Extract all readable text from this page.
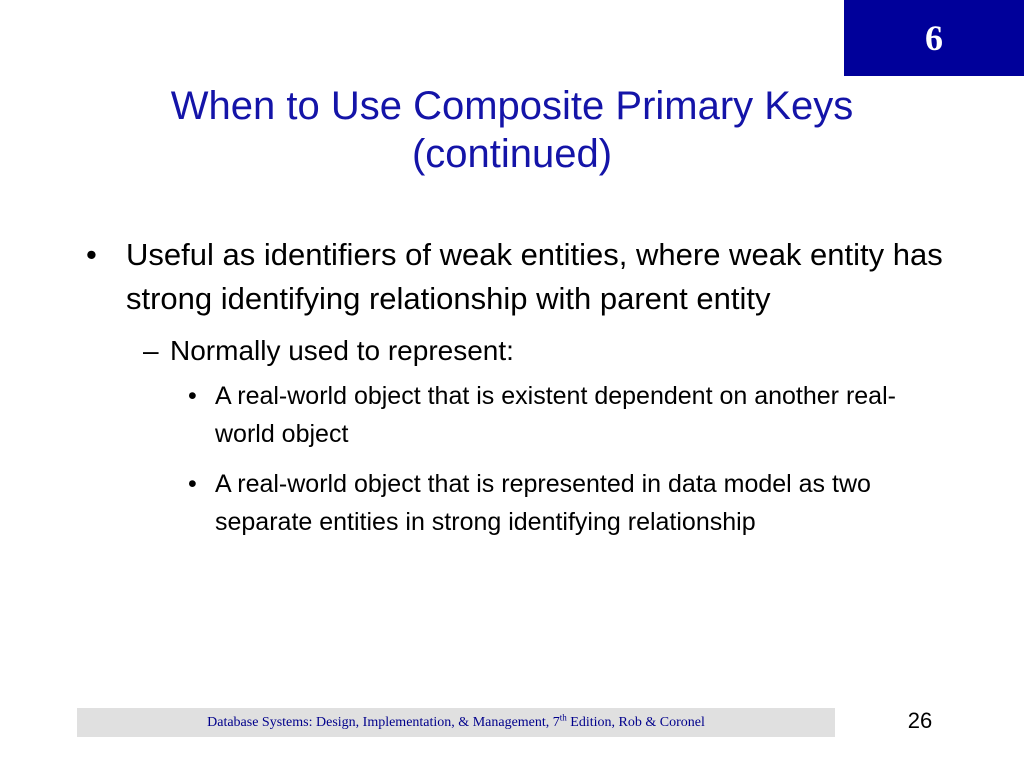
6
When to Use Composite Primary Keys
(continued)
• Useful as identifiers of weak entities, where weak entity has strong identifying relationship with parent entity
– Normally used to represent:
• A real-world object that is existent dependent on another real-world object
• A real-world object that is represented in data model as two separate entities in strong identifying relationship
Database Systems: Design, Implementation, & Management, 7th Edition, Rob & Coronel	26
